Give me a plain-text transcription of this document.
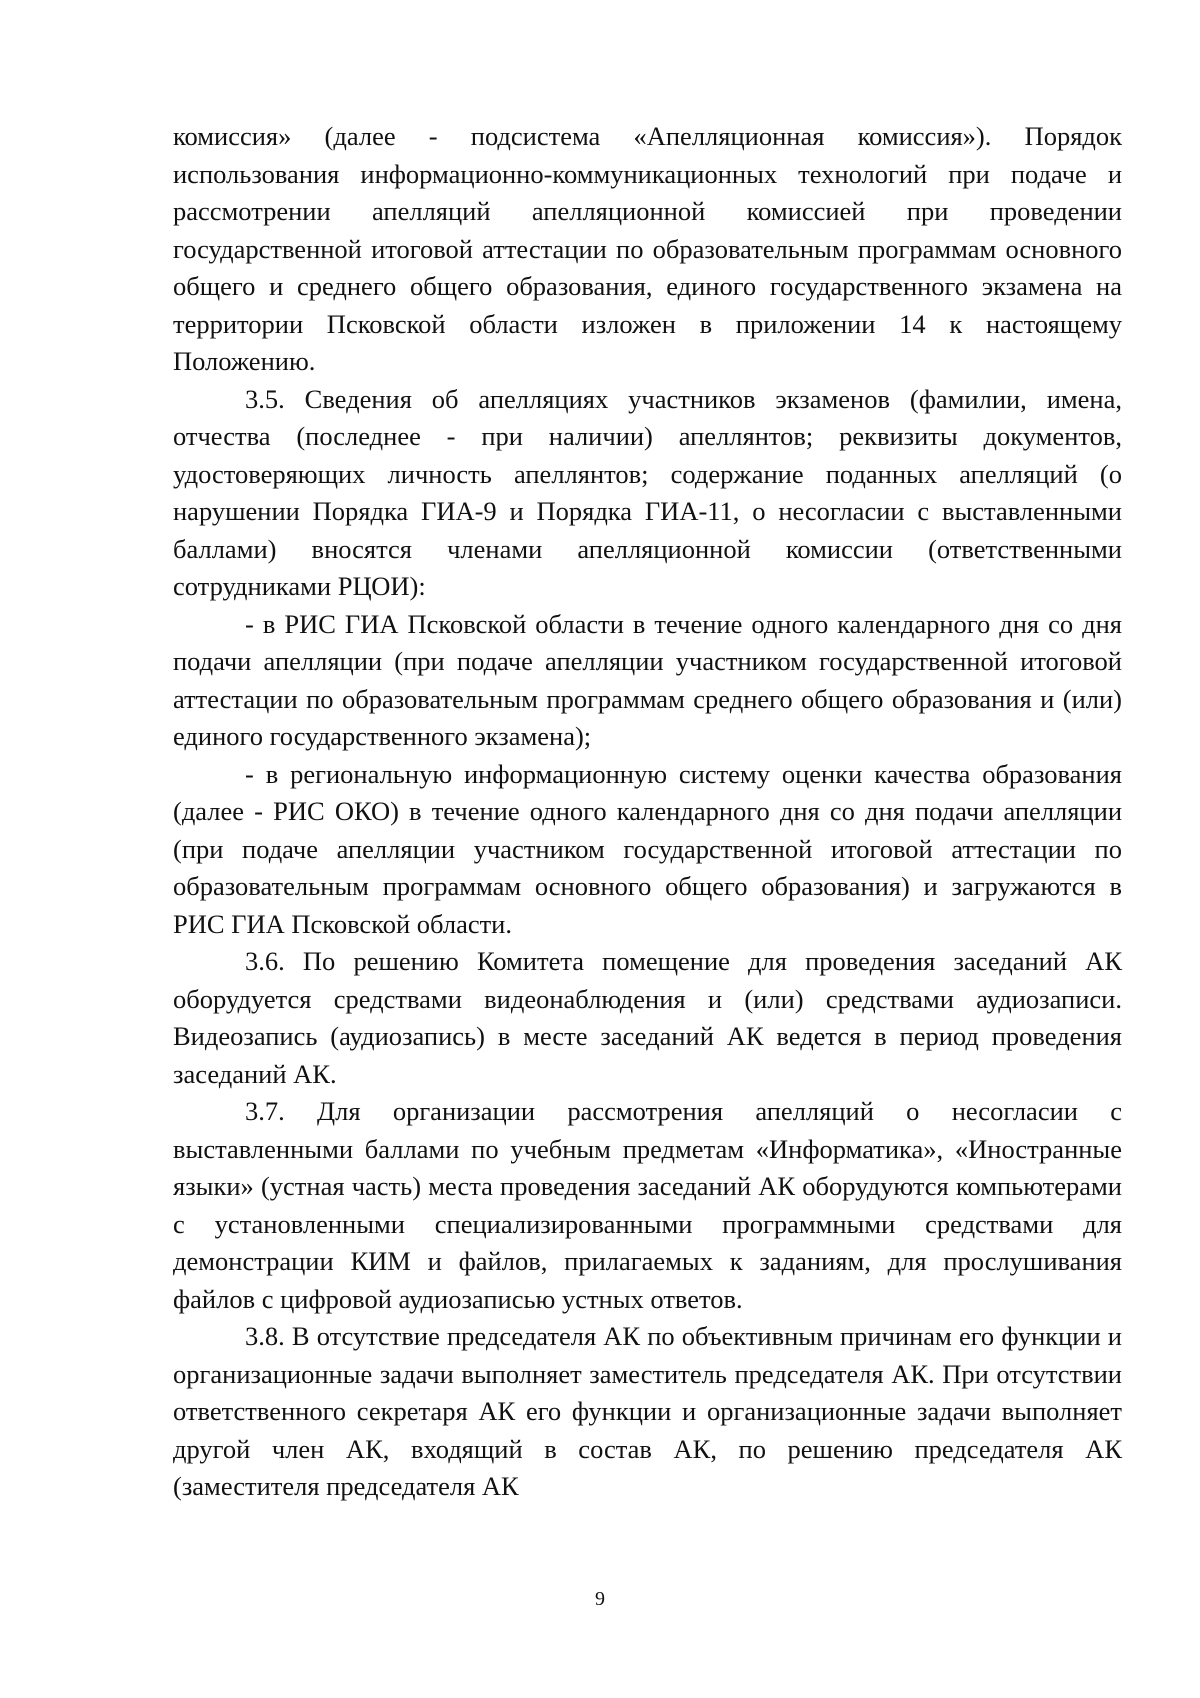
комиссия» (далее - подсистема «Апелляционная комиссия»). Порядок использования информационно-коммуникационных технологий при подаче и рассмотрении апелляций апелляционной комиссией при проведении государственной итоговой аттестации по образовательным программам основного общего и среднего общего образования, единого государственного экзамена на территории Псковской области изложен в приложении 14 к настоящему Положению.

3.5. Сведения об апелляциях участников экзаменов (фамилии, имена, отчества (последнее - при наличии) апеллянтов; реквизиты документов, удостоверяющих личность апеллянтов; содержание поданных апелляций (о нарушении Порядка ГИА-9 и Порядка ГИА-11, о несогласии с выставленными баллами) вносятся членами апелляционной комиссии (ответственными сотрудниками РЦОИ):

- в РИС ГИА Псковской области в течение одного календарного дня со дня подачи апелляции (при подаче апелляции участником государственной итоговой аттестации по образовательным программам среднего общего образования и (или) единого государственного экзамена);

- в региональную информационную систему оценки качества образования (далее - РИС ОКО) в течение одного календарного дня со дня подачи апелляции (при подаче апелляции участником государственной итоговой аттестации по образовательным программам основного общего образования) и загружаются в РИС ГИА Псковской области.

3.6. По решению Комитета помещение для проведения заседаний АК оборудуется средствами видеонаблюдения и (или) средствами аудиозаписи. Видеозапись (аудиозапись) в месте заседаний АК ведется в период проведения заседаний АК.

3.7. Для организации рассмотрения апелляций о несогласии с выставленными баллами по учебным предметам «Информатика», «Иностранные языки» (устная часть) места проведения заседаний АК оборудуются компьютерами с установленными специализированными программными средствами для демонстрации КИМ и файлов, прилагаемых к заданиям, для прослушивания файлов с цифровой аудиозаписью устных ответов.

3.8. В отсутствие председателя АК по объективным причинам его функции и организационные задачи выполняет заместитель председателя АК. При отсутствии ответственного секретаря АК его функции и организационные задачи выполняет другой член АК, входящий в состав АК, по решению председателя АК (заместителя председателя АК

9
